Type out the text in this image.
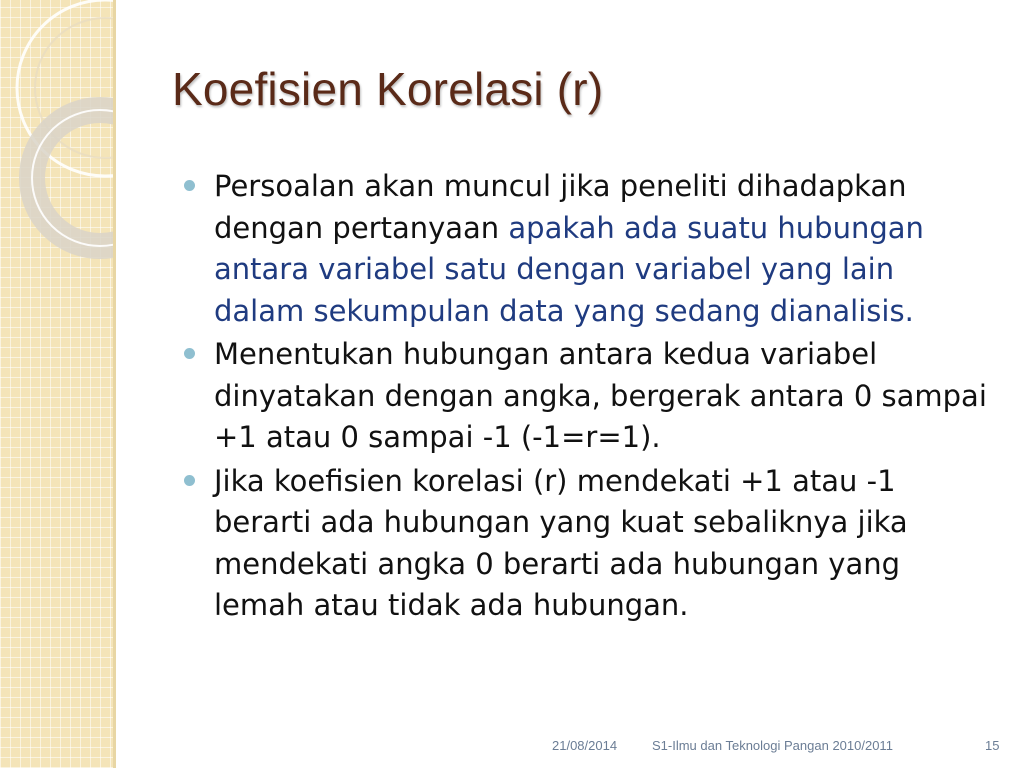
Koefisien Korelasi (r)
Persoalan akan muncul jika peneliti dihadapkan dengan pertanyaan apakah ada suatu hubungan antara variabel satu dengan variabel yang lain dalam sekumpulan data yang sedang dianalisis.
Menentukan hubungan antara kedua variabel dinyatakan dengan angka, bergerak antara 0 sampai +1 atau 0 sampai -1 (-1=r=1).
Jika koefisien korelasi (r) mendekati +1 atau -1 berarti ada hubungan yang kuat sebaliknya jika mendekati angka 0 berarti ada hubungan yang lemah atau tidak ada hubungan.
21/08/2014	S1-Ilmu dan Teknologi Pangan 2010/2011	15
